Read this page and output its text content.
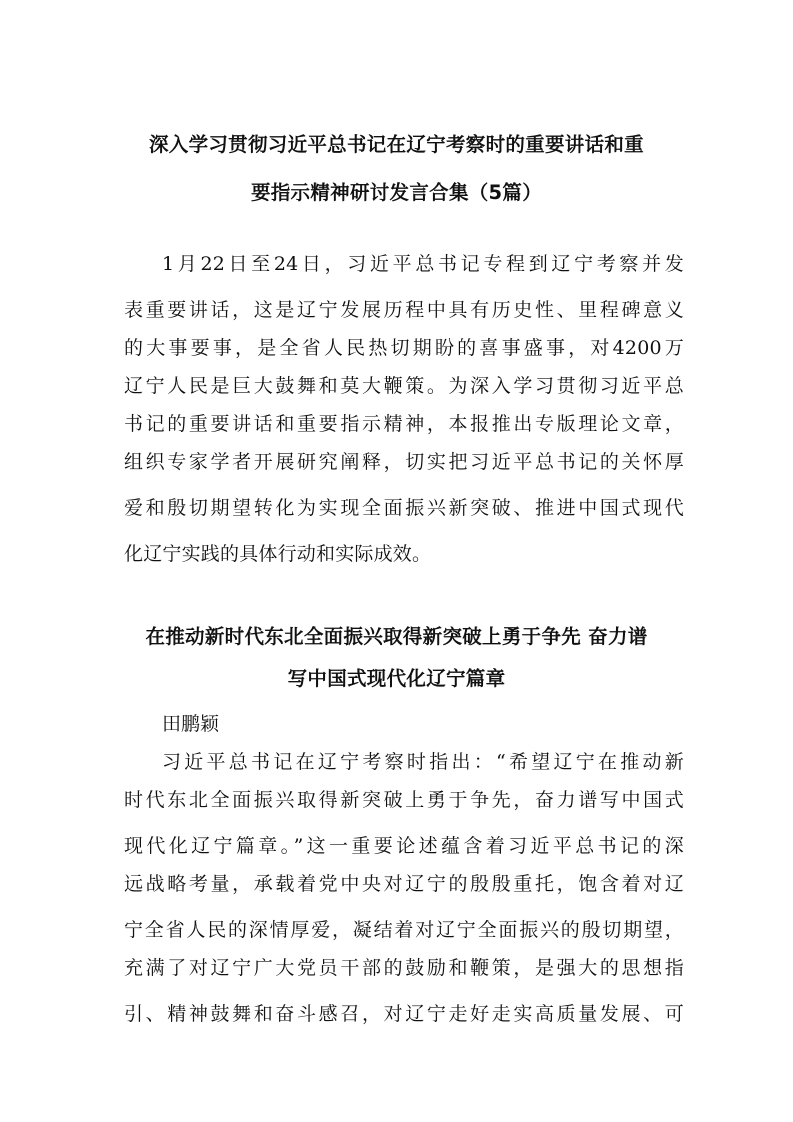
深入学习贯彻习近平总书记在辽宁考察时的重要讲话和重
要指示精神研讨发言合集（5篇）
1月22日至24日，习近平总书记专程到辽宁考察并发
表重要讲话，这是辽宁发展历程中具有历史性、里程碑意义
的大事要事，是全省人民热切期盼的喜事盛事，对4200万
辽宁人民是巨大鼓舞和莫大鞭策。为深入学习贯彻习近平总
书记的重要讲话和重要指示精神，本报推出专版理论文章，
组织专家学者开展研究阐释，切实把习近平总书记的关怀厚
爱和殷切期望转化为实现全面振兴新突破、推进中国式现代
化辽宁实践的具体行动和实际成效。
在推动新时代东北全面振兴取得新突破上勇于争先 奋力谱
写中国式现代化辽宁篇章
田鹏颖
习近平总书记在辽宁考察时指出：“希望辽宁在推动新
时代东北全面振兴取得新突破上勇于争先，奋力谱写中国式
现代化辽宁篇章。”这一重要论述蕴含着习近平总书记的深
远战略考量，承载着党中央对辽宁的殷殷重托，饱含着对辽
宁全省人民的深情厚爱，凝结着对辽宁全面振兴的殷切期望，
充满了对辽宁广大党员干部的鼓励和鞭策，是强大的思想指
引、精神鼓舞和奋斗感召，对辽宁走好走实高质量发展、可
